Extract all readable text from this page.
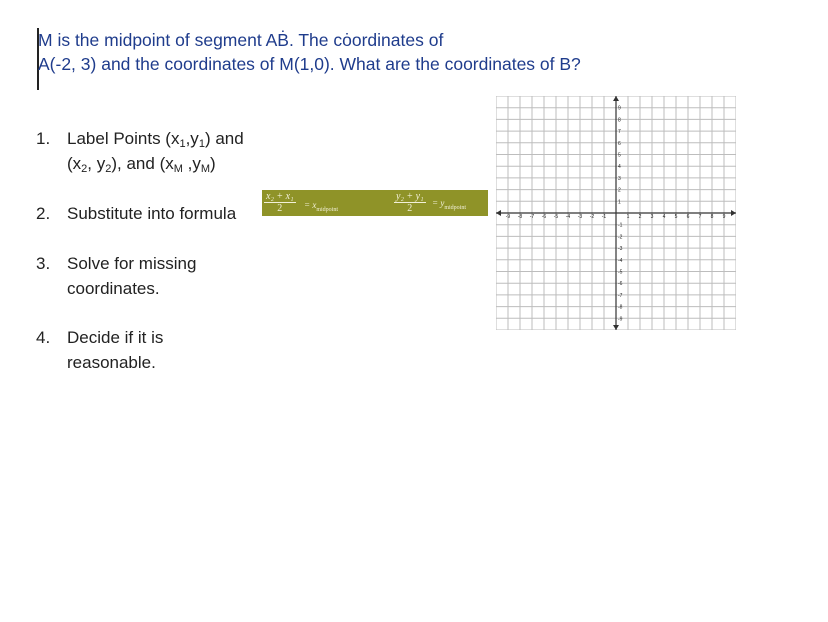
M is the midpoint of segment AḂ. The cȯordinates of
A(-2, 3) and the coordinates of M(1,0). What are the coordinates of B?
1. Label Points $(x_1,y_1)$ and
($x_2$, $y_2$), and ($x_M$ $,y_M$)
2. Substitute into formula
3. Solve for missing
coordinates.
4. Decide if it is
reasonable.
$\frac{\text{x₂ + x₁}}{2} = x_{midpoint}$	$\frac{\text{y₂ + y₁}}{2} = y_{midpoint}$
-9 -8 -7 -6 -5 -4 -3 -2 -1	1 2 3 4 5 6 7 8 9
9
8
7
6
5
4
3
2
1
-1
-2
-3
-4
-5
-6
-7
-8
-9
